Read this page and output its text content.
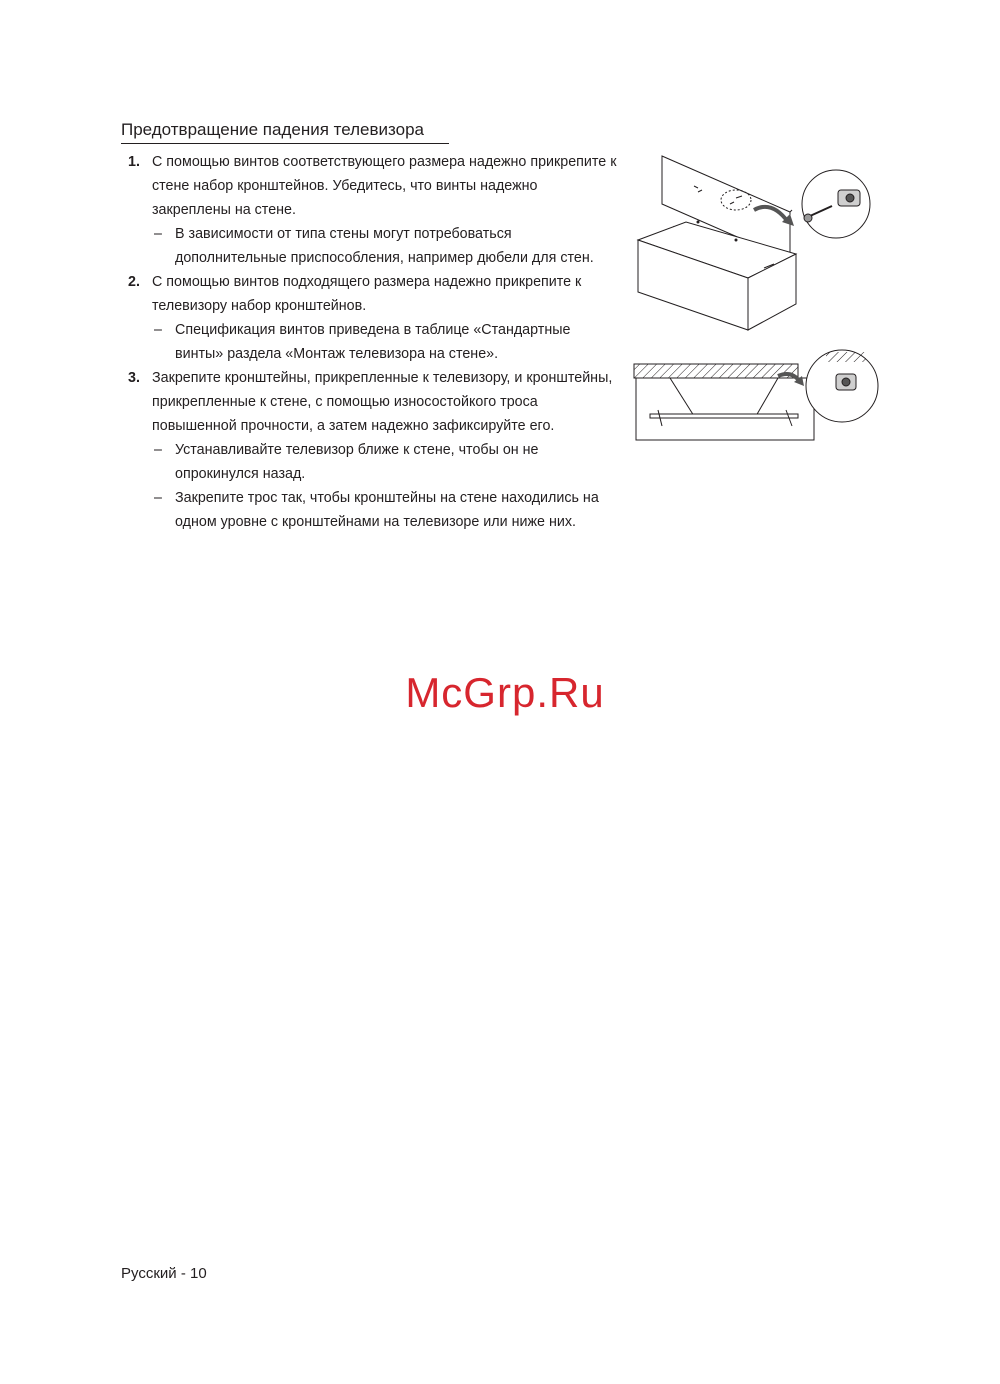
Предотвращение падения телевизора
1. С помощью винтов соответствующего размера надежно прикрепите к стене набор кронштейнов. Убедитесь, что винты надежно закреплены на стене.
– В зависимости от типа стены могут потребоваться дополнительные приспособления, например дюбели для стен.
2. С помощью винтов подходящего размера надежно прикрепите к телевизору набор кронштейнов.
– Спецификация винтов приведена в таблице «Стандартные винты» раздела «Монтаж телевизора на стене».
3. Закрепите кронштейны, прикрепленные к телевизору, и кронштейны, прикрепленные к стене, с помощью износостойкого троса повышенной прочности, а затем надежно зафиксируйте его.
– Устанавливайте телевизор ближе к стене, чтобы он не опрокинулся назад.
– Закрепите трос так, чтобы кронштейны на стене находились на одном уровне с кронштейнами на телевизоре или ниже них.
McGrp.Ru
Русский - 10
